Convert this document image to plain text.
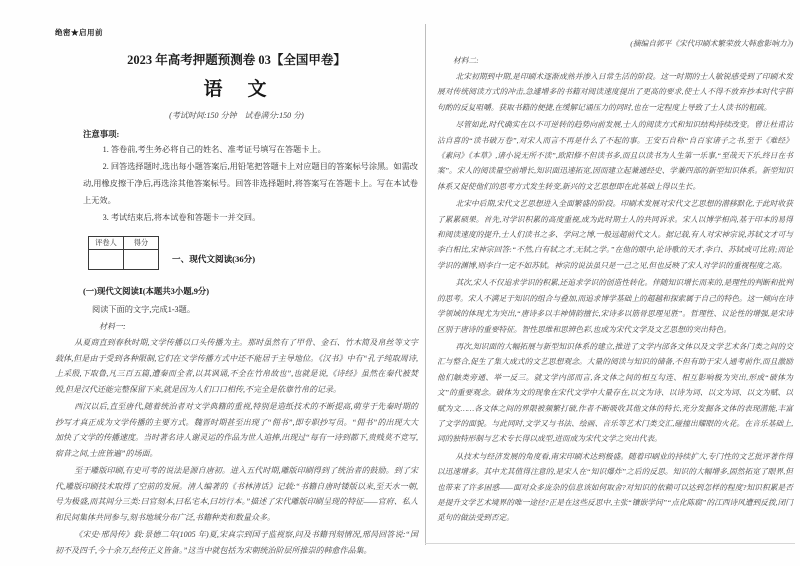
绝密★启用前
2023 年高考押题预测卷 03【全国甲卷】
语　文
(考试时间:150 分钟　试卷满分:150 分)
注意事项:

1. 答卷前,考生务必将自己的姓名、准考证号填写在答题卡上。

2. 回答选择题时,选出每小题答案后,用铅笔把答题卡上对应题目的答案标号涂黑。如需改动,用橡皮擦干净后,再选涂其他答案标号。回答非选择题时,将答案写在答题卡上。写在本试卷上无效。

3. 考试结束后,将本试卷和答题卡一并交回。

评卷人	得分

一、现代文阅读(36分)
(一)现代文阅读Ⅰ(本题共3小题,9分)
阅读下面的文字,完成1-3题。
材料一:

从夏商直到春秋时期,文学传播以口头传播为主。那时虽然有了甲骨、金石、竹木简及帛丝等文字载体,但是由于受到各种限制,它们在文学传播方式中还不能居于主导地位。《汉书》中有“孔子纯取周诗,上采殷,下取鲁,凡三百五篇,遭秦而全者,以其讽诵,不全在竹帛故也”,也就是说,《诗经》虽然在秦代被焚毁,但是汉代还能完整保留下来,就是因为人们口口相传,不完全是依靠竹帛的记录。

西汉以后,直至唐代,随着统治者对文学典籍的重视,特别是造纸技术的不断提高,萌芽于先秦时期的抄写才真正成为文学传播的主要方式。魏晋时期甚至出现了“佣书”,即专职抄写员。“佣书”的出现大大加快了文学的传播速度。当时著名诗人谢灵运的作品为世人追捧,出现过“每有一诗到都下,贵贱莫不竞写,宿昔之间,士庶皆遍”的场面。

至于雕版印刷,有史可考的说法是源自唐初。进入五代时期,雕版印刷得到了统治者的鼓励。到了宋代,雕版印刷技术取得了空前的发展。清人编著的《书林清话》记载:“书籍自唐时镂版以来,至天水一朝,号为极盛,而其间分三类:曰官刻本,曰私宅本,曰坊行本。”描述了宋代雕版印刷呈现的特征——官府、私人和民间集体共同参与,刻书地域分布广泛,书籍种类和数量众多。

《宋史·邢昺传》载:景德二年(1005 年)夏,宋真宗到国子监视察,问及书籍刊刻情况,邢昺回答说:“国初不及四千,今十余万,经传正义皆备。”这当中就包括为宋朝统治阶层所推崇的韩愈作品集。

(摘编自郭平《宋代印刷术繁荣放大韩愈影响力》)

材料二:

北宋初期到中期,是印刷术逐渐成熟并渗入日常生活的阶段。这一时期的士人敏锐感受到了印刷术发展对传统阅读方式的冲击,急遽增多的书籍对阅读速度提出了更高的要求,使士人不得不放弃抄本时代字斟句酌的反复咀嚼。获取书籍的便捷,在缓解记诵压力的同时,也在一定程度上导致了士人读书的粗疏。

尽管如此,时代确实在以不可逆转的趋势向前发展,士人的阅读方式和知识结构持续改变。曾让杜甫沾沾自喜的“读书破万卷”,对宋人而言不再是什么了不起的事。王安石自称“自百家诸子之书,至于《难经》《素问》《本草》,诸小说无所不读”,欧阳修不但读书多,而且以读书为人生第一乐事,“至哉天下乐,终日在书案”。宋人的阅读量空前增长,知识面迅速拓宽,因而建立起兼通经史、学兼四部的新型知识体系。新型知识体系又促使他们的思考方式发生转变,新兴的文艺思想即在此基础上得以生长。

北宋中后期,宋代文艺思想进入全面繁盛的阶段。印刷术发展对宋代文艺思想的潜移默化,于此时收获了累累硕果。首先,对学识积累的高度重视,成为此时期士人的共同诉求。宋人以博学相尚,基于印本的易得和阅读速度的提升,士人们读书之多、学问之博,一般远超前代文人。据记载,有人对宋神宗说,苏轼文才可与李白相比,宋神宗回答:“不然,白有轼之才,无轼之学。”在他的眼中,论诗歌的天才,李白、苏轼或可比肩;而论学识的渊博,则李白一定不如苏轼。神宗的说法虽只是一己之见,但也反映了宋人对学识的重视程度之高。

其次,宋人不仅追求学识的积累,还追求学识的创造性转化。伴随知识增长而来的,是理性的判断和批判的思考。宋人不满足于知识的组合与叠加,而追求博学基础上的超越和探索属于自己的特色。这一倾向在诗学领域的体现尤为突出,“唐诗多以丰神情韵擅长,宋诗多以筋骨思理见胜”。哲理性、议论性的增强,是宋诗区别于唐诗的重要特征。智性思维和思辨色彩,也成为宋代文学及文艺思想的突出特色。

再次,知识面的大幅拓展与新型知识体系的建立,推进了文学内部各文体以及文学艺术各门类之间的交汇与整合,促生了集大成式的文艺思想观念。大量的阅读与知识的储备,不但有助于宋人通考前作,而且激励他们触类旁通、举一反三。就文学内部而言,各文体之间的相互勾连、相互影响极为突出,形成“破体为文”的重要观念。破体为文的现象在宋代文学中大量存在,以文为诗、以诗为词、以文为词、以文为赋、以赋为文……各文体之间的界限被频繁打破,作者不断吸收其他文体的特长,充分发掘各文体的表现潜能,丰富了文学的面貌。与此同时,文学又与书法、绘画、音乐等艺术门类交汇,碰撞出耀眼的火花。在音乐基础上,词的独特形制与艺术专长得以成型,进而成为宋代文学之突出代表。

从技术与经济发展的角度看,南宋印刷术达到极盛。随着印刷业的持续扩大,专门性的文艺批评著作得以迅速增多。其中尤其值得注意的,是宋人在“知识爆炸”之后的反思。知识的大幅增多,固然拓宽了眼界,但也带来了许多困惑——面对众多庞杂的信息该如何取舍?对知识的依赖可以达到怎样的程度?知识积累是否是提升文学艺术境界的唯一途径?正是在这些反思中,主张“镶嵌学问”“点化陈腐”的江西诗风遭到反拨,闭门觅句的做法受到否定。
